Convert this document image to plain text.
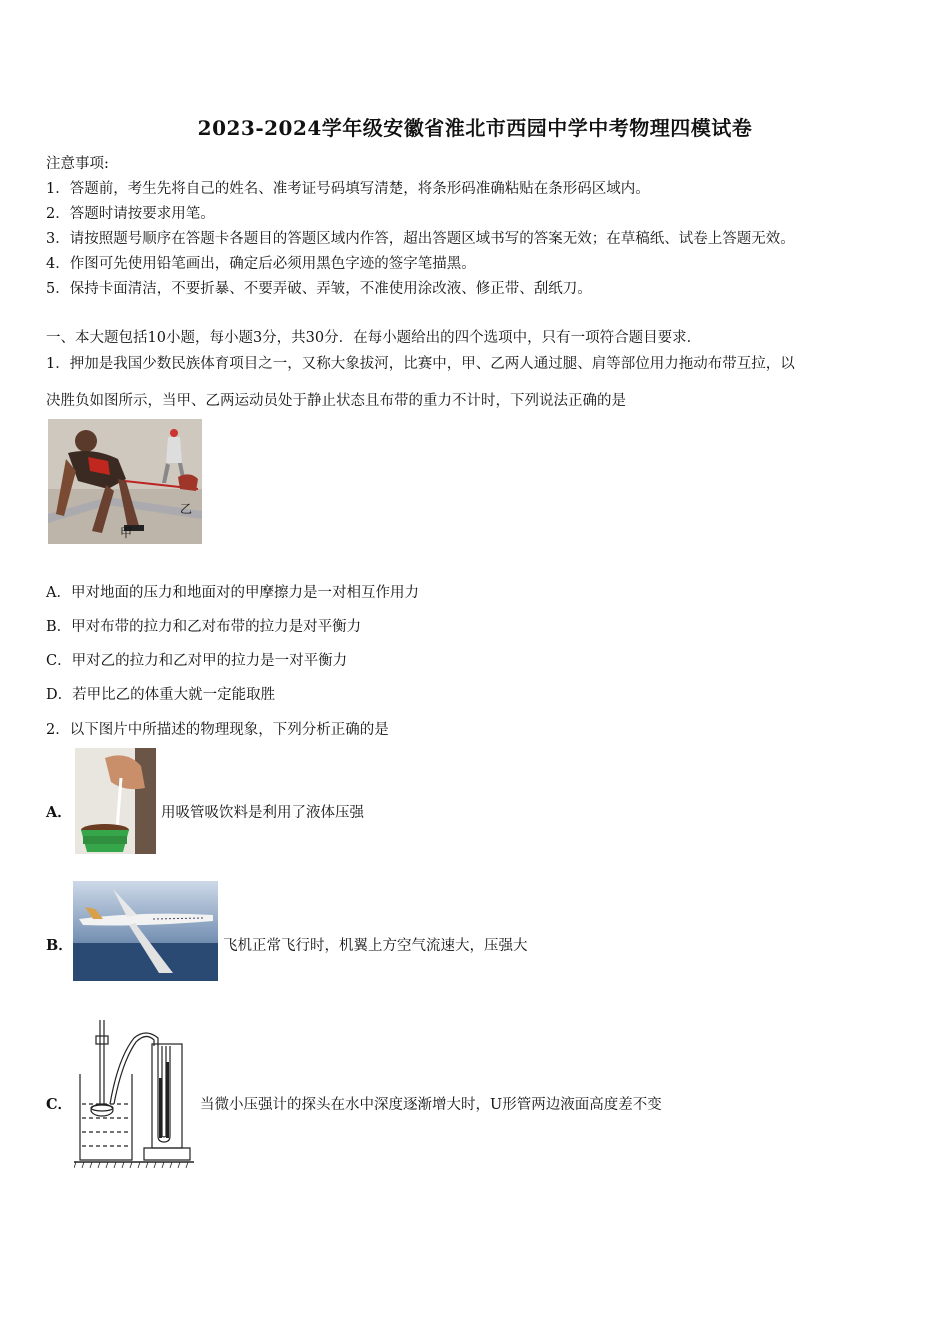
2023-2024学年级安徽省淮北市西园中学中考物理四模试卷
注意事项:
1．答题前，考生先将自己的姓名、准考证号码填写清楚，将条形码准确粘贴在条形码区域内。
2．答题时请按要求用笔。
3．请按照题号顺序在答题卡各题目的答题区域内作答，超出答题区域书写的答案无效；在草稿纸、试卷上答题无效。
4．作图可先使用铅笔画出，确定后必须用黑色字迹的签字笔描黑。
5．保持卡面清洁，不要折暴、不要弄破、弄皱，不准使用涂改液、修正带、刮纸刀。
一、本大题包括10小题，每小题3分，共30分．在每小题给出的四个选项中，只有一项符合题目要求．
1．押加是我国少数民族体育项目之一，又称大象拔河，比赛中，甲、乙两人通过腿、肩等部位用力拖动布带互拉，以
决胜负如图所示，当甲、乙两运动员处于静止状态且布带的重力不计时，下列说法正确的是
甲
乙
A．甲对地面的压力和地面对的甲摩擦力是一对相互作用力
B．甲对布带的拉力和乙对布带的拉力是对平衡力
C．甲对乙的拉力和乙对甲的拉力是一对平衡力
D．若甲比乙的体重大就一定能取胜
2．以下图片中所描述的物理现象，下列分析正确的是
A．	用吸管吸饮料是利用了液体压强
B．	飞机正常飞行时，机翼上方空气流速大，压强大
C．	当微小压强计的探头在水中深度逐渐增大时，U形管两边液面高度差不变
